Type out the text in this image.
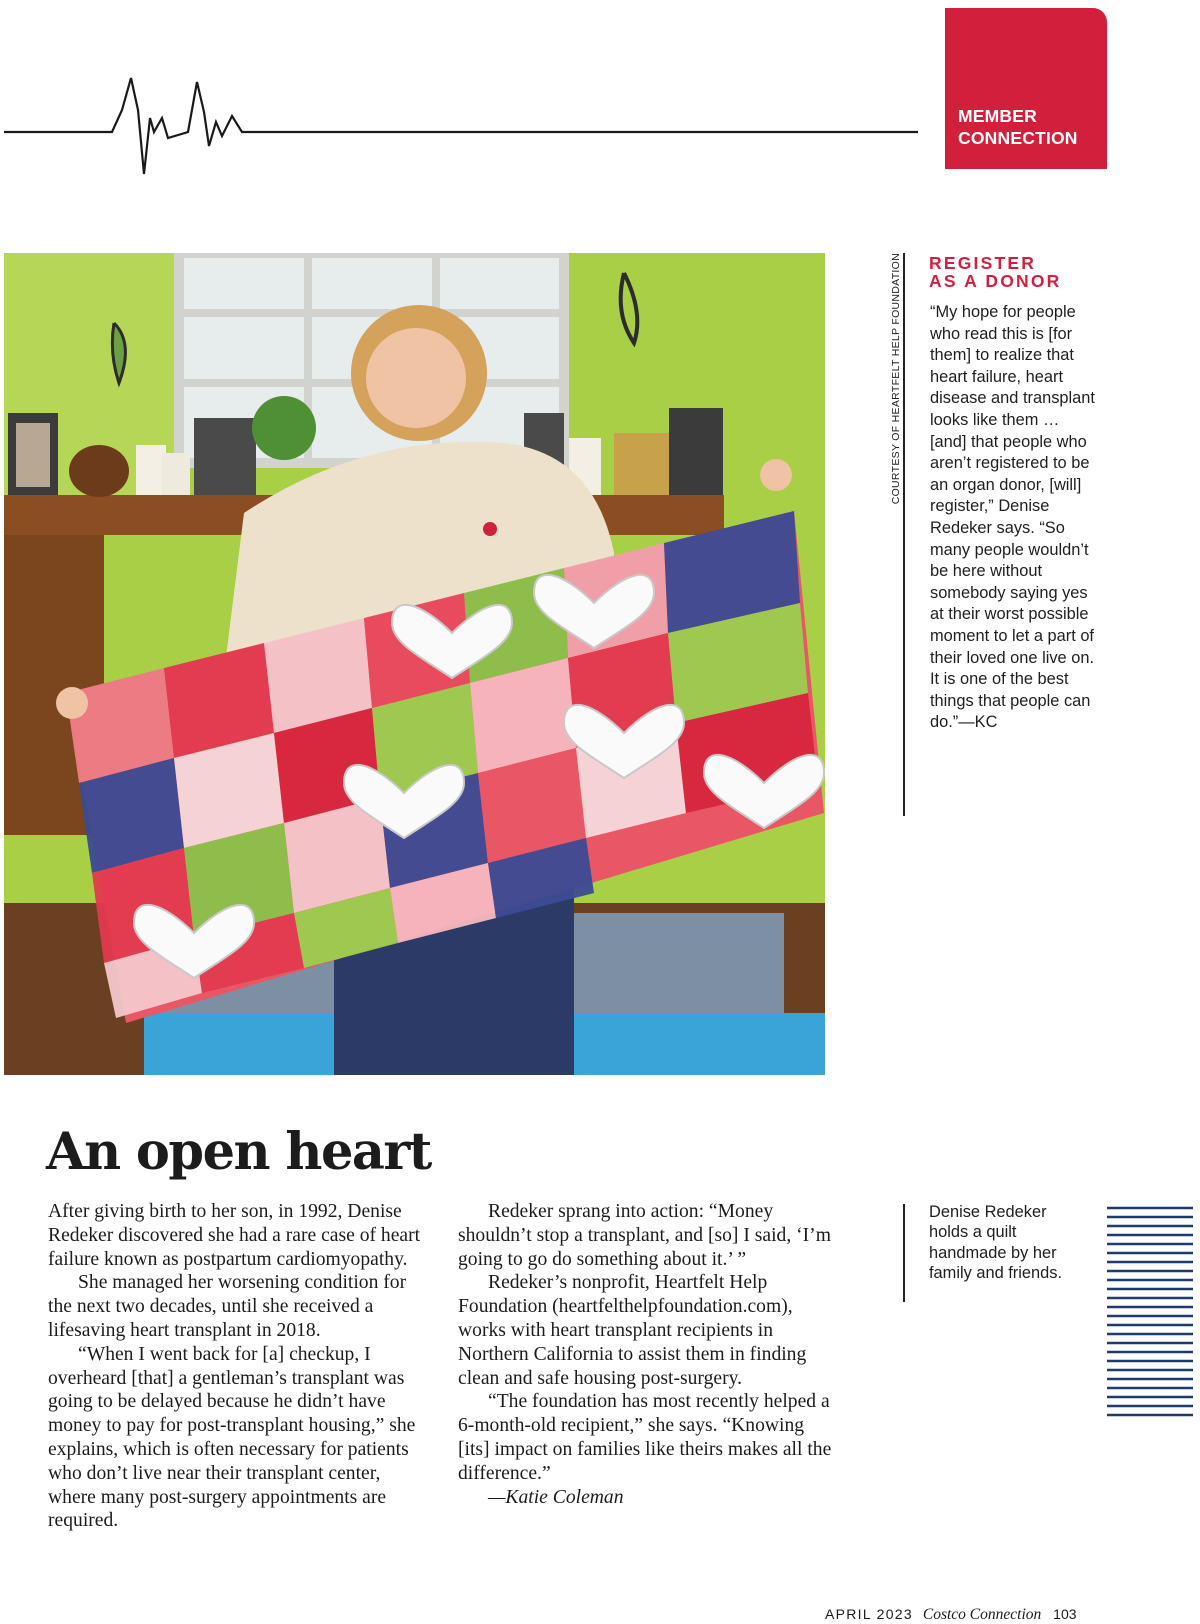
MEMBER
CONNECTION
COURTESY OF HEARTFELT HELP FOUNDATION REGISTER
AS A DONOR
“My hope for people who read this is [for them] to realize that heart failure, heart disease and transplant looks like them … [and] that people who aren’t registered to be an organ donor, [will] register,” Denise Redeker says. “So many people wouldn’t be here without somebody saying yes at their worst possible moment to let a part of their loved one live on. It is one of the best things that people can do.”—KC
An open heart

After giving birth to her son, in 1992, Denise Redeker discovered she had a rare case of heart failure known as postpartum cardiomyopathy.

She managed her worsening condition for the next two decades, until she received a lifesaving heart transplant in 2018.

“When I went back for [a] checkup, I overheard [that] a gentleman’s transplant was going to be delayed because he didn’t have money to pay for post-transplant housing,” she explains, which is often necessary for patients who don’t live near their transplant center, where many post-surgery appointments are required.

Redeker sprang into action: “Money shouldn’t stop a transplant, and [so] I said, ‘I’m going to go do something about it.’ ”

Redeker’s nonprofit, Heartfelt Help Foundation (heartfelthelpfoundation.com), works with heart transplant recipients in Northern California to assist them in finding clean and safe housing post-surgery.

“The foundation has most recently helped a 6-month-old recipient,” she says. “Knowing [its] impact on families like theirs makes all the difference.”

—Katie Coleman

Denise Redeker holds a quilt handmade by her family and friends.
APRIL 2023 Costco Connection 103
